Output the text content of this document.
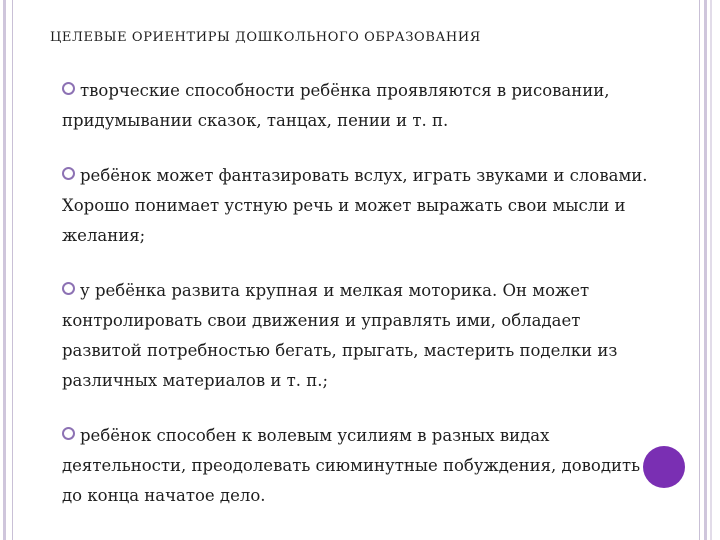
ЦЕЛЕВЫЕ ОРИЕНТИРЫ ДОШКОЛЬНОГО ОБРАЗОВАНИЯ
творческие способности ребёнка проявляются в рисовании, придумывании сказок, танцах, пении и т. п.
ребёнок может фантазировать вслух, играть звуками и словами. Хорошо понимает устную речь и может выражать свои мысли и желания;
у ребёнка развита крупная и мелкая моторика. Он может контролировать свои движения и управлять ими, обладает развитой потребностью бегать, прыгать, мастерить поделки из различных материалов и т. п.;
ребёнок способен к волевым усилиям в разных видах деятельности, преодолевать сиюминутные побуждения, доводить до конца начатое дело.
